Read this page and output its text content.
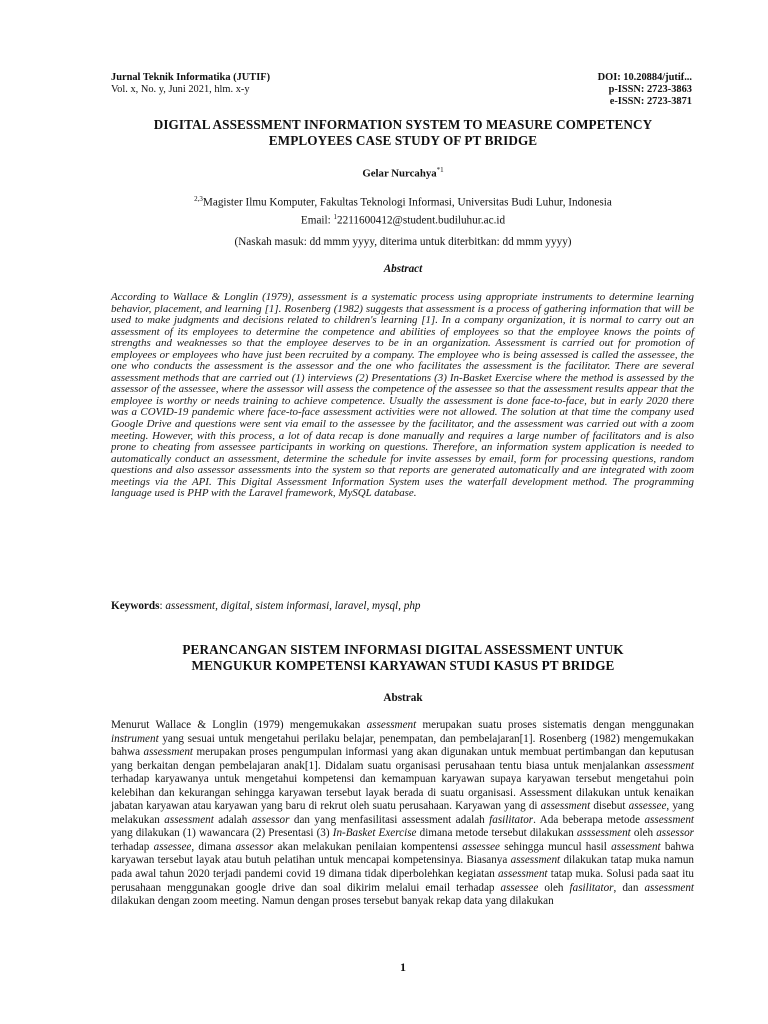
Jurnal Teknik Informatika (JUTIF)
Vol. x, No. y, Juni 2021, hlm. x-y
DOI: 10.20884/jutif...
p-ISSN: 2723-3863
e-ISSN: 2723-3871
DIGITAL ASSESSMENT INFORMATION SYSTEM TO MEASURE COMPETENCY
EMPLOYEES CASE STUDY OF PT BRIDGE
Gelar Nurcahya$^{*1}$
$^{2,3}$Magister Ilmu Komputer, Fakultas Teknologi Informasi, Universitas Budi Luhur, Indonesia
Email: $^1$2211600412@student.budiluhur.ac.id
(Naskah masuk: dd mmm yyyy, diterima untuk diterbitkan: dd mmm yyyy)
Abstract
According to Wallace & Longlin (1979), assessment is a systematic process using appropriate instruments to determine learning behavior, placement, and learning [1]. Rosenberg (1982) suggests that assessment is a process of gathering information that will be used to make judgments and decisions related to children's learning [1]. In a company organization, it is normal to carry out an assessment of its employees to determine the competence and abilities of employees so that the employee knows the points of strengths and weaknesses so that the employee deserves to be in an organization. Assessment is carried out for promotion of employees or employees who have just been recruited by a company. The employee who is being assessed is called the assessee, the one who conducts the assessment is the assessor and the one who facilitates the assessment is the facilitator. There are several assessment methods that are carried out (1) interviews (2) Presentations (3) In-Basket Exercise where the method is assessed by the assessor of the assessee, where the assessor will assess the competence of the assessee so that the assessment results appear that the employee is worthy or needs training to achieve competence. Usually the assessment is done face-to-face, but in early 2020 there was a COVID-19 pandemic where face-to-face assessment activities were not allowed. The solution at that time the company used Google Drive and questions were sent via email to the assessee by the facilitator, and the assessment was carried out with a zoom meeting. However, with this process, a lot of data recap is done manually and requires a large number of facilitators and is also prone to cheating from assessee participants in working on questions. Therefore, an information system application is needed to automatically conduct an assessment, determine the schedule for invite assesses by email, form for processing questions, random questions and also assessor assessments into the system so that reports are generated automatically and are integrated with zoom meetings via the API. This Digital Assessment Information System uses the waterfall development method. The programming language used is PHP with the Laravel framework, MySQL database.
Keywords: assessment, digital, sistem informasi, laravel, mysql, php
PERANCANGAN SISTEM INFORMASI DIGITAL ASSESSMENT UNTUK
MENGUKUR KOMPETENSI KARYAWAN STUDI KASUS PT BRIDGE
Abstrak
Menurut Wallace & Longlin (1979) mengemukakan assessment merupakan suatu proses sistematis dengan menggunakan instrument yang sesuai untuk mengetahui perilaku belajar, penempatan, dan pembelajaran[1]. Rosenberg (1982) mengemukakan bahwa assessment merupakan proses pengumpulan informasi yang akan digunakan untuk membuat pertimbangan dan keputusan yang berkaitan dengan pembelajaran anak[1]. Didalam suatu organisasi perusahaan tentu biasa untuk menjalankan assessment terhadap karyawanya untuk mengetahui kompetensi dan kemampuan karyawan supaya karyawan tersebut mengetahui poin kelebihan dan kekurangan sehingga karyawan tersebut layak berada di suatu organisasi. Assessment dilakukan untuk kenaikan jabatan karyawan atau karyawan yang baru di rekrut oleh suatu perusahaan. Karyawan yang di assessment disebut assessee, yang melakukan assessment adalah assessor dan yang menfasilitasi assessment adalah fasilitator. Ada beberapa metode assessment yang dilakukan (1) wawancara (2) Presentasi (3) In-Basket Exercise dimana metode tersebut dilakukan asssessment oleh assessor terhadap assessee, dimana assessor akan melakukan penilaian kompentensi assessee sehingga muncul hasil assessment bahwa karyawan tersebut layak atau butuh pelatihan untuk mencapai kompetensinya. Biasanya assessment dilakukan tatap muka namun pada awal tahun 2020 terjadi pandemi covid 19 dimana tidak diperbolehkan kegiatan assessment tatap muka. Solusi pada saat itu perusahaan menggunakan google drive dan soal dikirim melalui email terhadap assessee oleh fasilitator, dan assessment dilakukan dengan zoom meeting. Namun dengan proses tersebut banyak rekap data yang dilakukan
1
